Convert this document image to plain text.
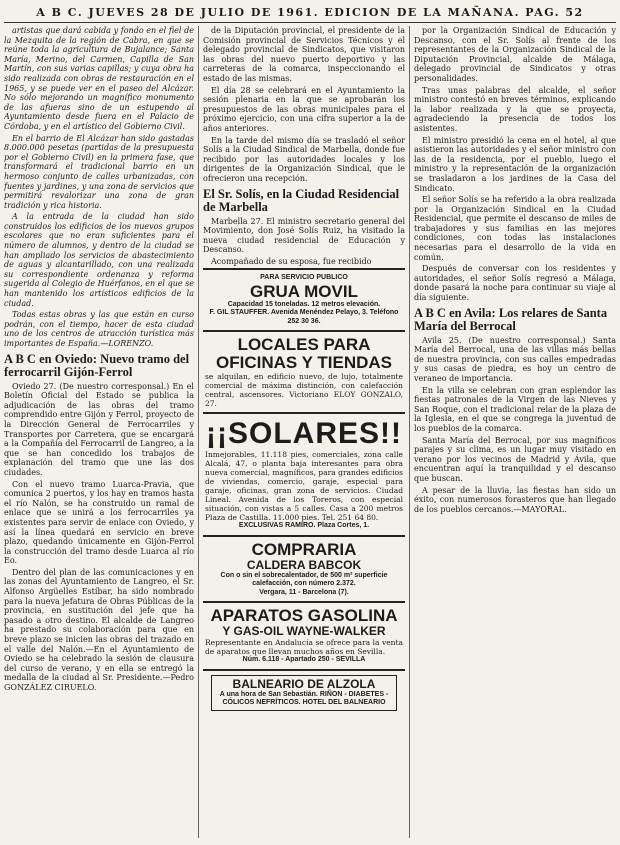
A B C. JUEVES 28 DE JULIO DE 1961. EDICION DE LA MAÑANA. PAG. 52

artistas que dará cabida y fondo en el fiel de la Mezquita de la región de Cabra, en que se reúne toda la agricultura de Bujalance; Santa María, Merino, del Carmen, Capilla de San Martín, con sus varias capillas; y cuya obra ha sido realizada con obras de restauración en el 1965, y se puede ver en el paseo del Alcázar. No sólo mejorando un magnífico monumento de las afueras sino de un estupendo al Ayuntamiento desde fuera en el Palacio de Córdoba, y en el artístico del Gobierno Civil.

En el barrio de El Alcázar han sido gastadas 8.000.000 pesetas (partidas de la presupuesta por el Gobierno Civil) en la primera fase, que transformará el tradicional barrio en un hermoso conjunto de calles urbanizadas, con fuentes y jardines, y una zona de servicios que permitirá revalorizar una zona de gran tradición y rica historia.

A la entrada de la ciudad han sido construidos los edificios de los nuevos grupos escolares que no eran suficientes para el número de alumnos, y dentro de la ciudad se han ampliado los servicios de abastecimiento de aguas y alcantarillado, con una realizada su correspondiente ordenanza y reforma sugerida al Colegio de Huérfanos, en el que se han mantenido los artísticos edificios de la ciudad.

Todas estas obras y las que están en curso podrán, con el tiempo, hacer de esta ciudad uno de los centros de atracción turística más importantes de España.—LORENZO.

A B C en Oviedo: Nuevo tramo del ferrocarril Gijón-Ferrol

Oviedo 27. (De nuestro corresponsal.) En el Boletín Oficial del Estado se publica la adjudicación de las obras del tramo comprendido entre Gijón y Ferrol, proyecto de la Dirección General de Ferrocarriles y Transportes por Carretera, que se encargará a la Compañía del Ferrocarril de Langreo, a la que se han concedido los trabajos de explanación del tramo que une las dos ciudades.

Con el nuevo tramo Luarca-Pravia, que comunica 2 puertos, y los hay en tramos hasta el río Nalón, se ha construido un ramal de enlace que se unirá a los ferrocarriles ya existentes para servir de enlace con Oviedo, y así la línea quedará en servicio en breve plazo, quedando únicamente en Gijón-Ferrol la construcción del tramo desde Luarca al río Eo.

Dentro del plan de las comunicaciones y en las zonas del Ayuntamiento de Langreo, el Sr. Alfonso Argüelles Estíbar, ha sido nombrado para la nueva jefatura de Obras Públicas de la provincia, en sustitución del jefe que ha pasado a otro destino. El alcalde de Langreo ha prestado su colaboración para que en breve plazo se inicien las obras del trazado en el valle del Nalón.—En el Ayuntamiento de Oviedo se ha celebrado la sesión de clausura del curso de verano, y en ella se entregó la medalla de la ciudad al Sr. Presidente.—Pedro GONZÁLEZ CIRUELO.

de la Diputación provincial, el presidente de la Comisión provincial de Servicios Técnicos y el delegado provincial de Sindicatos, que visitaron las obras del nuevo puerto deportivo y las carreteras de la comarca, inspeccionando el estado de las mismas.

El día 28 se celebrará en el Ayuntamiento la sesión plenaria en la que se aprobarán los presupuestos de las obras municipales para el próximo ejercicio, con una cifra superior a la de años anteriores.

En la tarde del mismo día se trasladó el señor Solís a la Ciudad Sindical de Marbella, donde fue recibido por las autoridades locales y los dirigentes de la Organización Sindical, que le ofrecieron una recepción.

El Sr. Solís, en la Ciudad Residencial de Marbella

Marbella 27. El ministro secretario general del Movimiento, don José Solís Ruiz, ha visitado la nueva ciudad residencial de Educación y Descanso.

Acompañado de su esposa, fue recibido

PARA SERVICIO PUBLICO
GRUA MOVIL
Capacidad 15 toneladas. 12 metros elevación.
F. GIL STAUFFER. Avenida Menéndez Pelayo, 3. Teléfono 252 30 36.
LOCALES PARA OFICINAS Y TIENDAS
se alquilan, en edificio nuevo, de lujo, totalmente comercial de máxima distinción, con calefacción central, ascensores. Victoriano ELOY GONZALO, 27.
¡¡SOLARES!!
Inmejorables, 11.118 pies, comerciales, zona calle Alcalá, 47, o planta baja interesantes para obra nueva comercial, magníficos, para grandes edificios de viviendas, comercio, garaje, especial para garaje, oficinas, gran zona de servicios. Ciudad Lineal. Avenida de los Toreros, con especial situación, con vistas a 5 calles. Casa a 200 metros Plaza de Castilla. 11.000 pies. Tel. 251 64 80.
EXCLUSIVAS RAMIRO. Plaza Cortes, 1.
COMPRARIA
CALDERA BABCOK
Con o sin el sobrecalentador, de 500 m² superficie calefacción, con número 2.372.
Vergara, 11 - Barcelona (7).
APARATOS GASOLINA
Y GAS-OIL WAYNE-WALKER
Representante en Andalucía se ofrece para la venta de aparatos que llevan muchos años en Sevilla.
Núm. 6.118 - Apartado 250 - SEVILLA
BALNEARIO DE ALZOLA
A una hora de San Sebastián. RIÑON - DIABETES - CÓLICOS NEFRÍTICOS. HOTEL DEL BALNEARIO

por la Organización Sindical de Educación y Descanso, con el Sr. Solís al frente de los representantes de la Organización Sindical de la Diputación Provincial, alcalde de Málaga, delegado provincial de Sindicatos y otras personalidades.

Tras unas palabras del alcalde, el señor ministro contestó en breves términos, explicando la labor realizada y la que se proyecta, agradeciendo la presencia de todos los asistentes.

El ministro presidió la cena en el hotel, al que asistieron las autoridades y el señor ministro con las de la residencia, por el pueblo, luego el ministro y la representación de la organización se trasladaron a los jardines de la Casa del Sindicato.

El señor Solís se ha referido a la obra realizada por la Organización Sindical en la Ciudad Residencial, que permite el descanso de miles de trabajadores y sus familias en las mejores condiciones, con todas las instalaciones necesarias para el desarrollo de la vida en común.

Después de conversar con los residentes y autoridades, el señor Solís regresó a Málaga, donde pasará la noche para continuar su viaje al día siguiente.

A B C en Avila: Los relares de Santa María del Berrocal

Avila 25. (De nuestro corresponsal.) Santa María del Berrocal, una de las villas más bellas de nuestra provincia, con sus calles empedradas y sus casas de piedra, es hoy un centro de veraneo de importancia.

En la villa se celebran con gran esplendor las fiestas patronales de la Virgen de las Nieves y San Roque, con el tradicional relar de la plaza de la Iglesia, en el que se congrega la juventud de los pueblos de la comarca.

Santa María del Berrocal, por sus magníficos parajes y su clima, es un lugar muy visitado en verano por los vecinos de Madrid y Ávila, que encuentran aquí la tranquilidad y el descanso que buscan.

A pesar de la lluvia, las fiestas han sido un éxito, con numerosos forasteros que han llegado de los pueblos cercanos.—MAYORAL.
